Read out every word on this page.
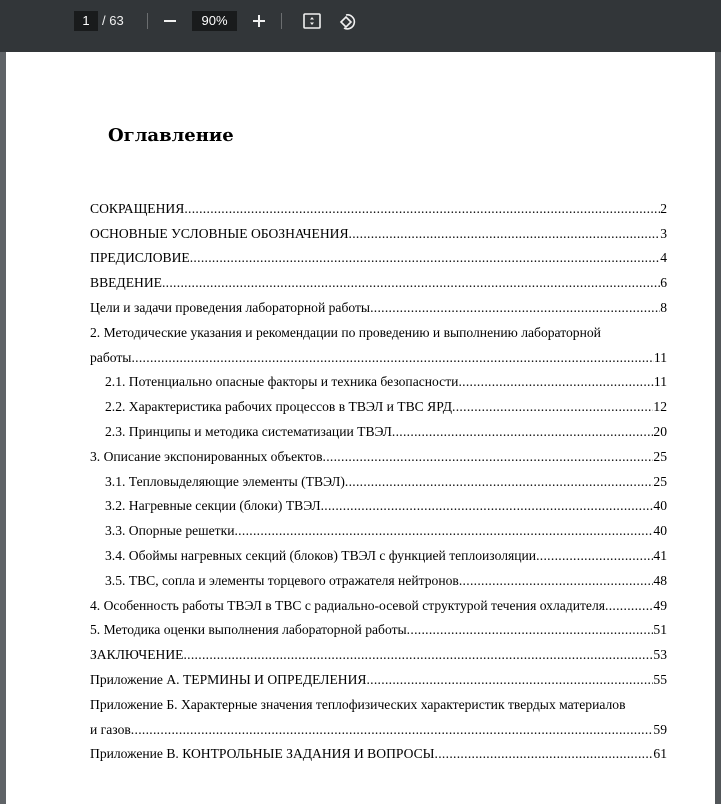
1 / 63	90%
Оглавление
СОКРАЩЕНИЯ .....	2
ОСНОВНЫЕ УСЛОВНЫЕ ОБОЗНАЧЕНИЯ .....	3
ПРЕДИСЛОВИЕ .....	4
ВВЕДЕНИЕ .....	6
Цели и задачи проведения лабораторной работы .....	8
2. Методические указания и рекомендации по проведению и выполнению лабораторной
работы .....	11
2.1. Потенциально опасные факторы и техника безопасности .....	11
2.2. Характеристика рабочих процессов в ТВЭЛ и ТВС ЯРД .....	12
2.3. Принципы и методика систематизации ТВЭЛ .....	20
3. Описание экспонированных объектов .....	25
3.1. Тепловыделяющие элементы (ТВЭЛ) .....	25
3.2. Нагревные секции (блоки) ТВЭЛ .....	40
3.3. Опорные решетки .....	40
3.4. Обоймы нагревных секций (блоков) ТВЭЛ с функцией теплоизоляции .....	41
3.5. ТВС, сопла и элементы торцевого отражателя нейтронов .....	48
4. Особенность работы ТВЭЛ в ТВС с радиально-осевой структурой течения охладителя .....	49
5. Методика оценки выполнения лабораторной работы .....	51
ЗАКЛЮЧЕНИЕ .....	53
Приложение А. ТЕРМИНЫ И ОПРЕДЕЛЕНИЯ .....	55
Приложение Б. Характерные значения теплофизических характеристик твердых материалов
и газов .....	59
Приложение В. КОНТРОЛЬНЫЕ ЗАДАНИЯ И ВОПРОСЫ .....	61
